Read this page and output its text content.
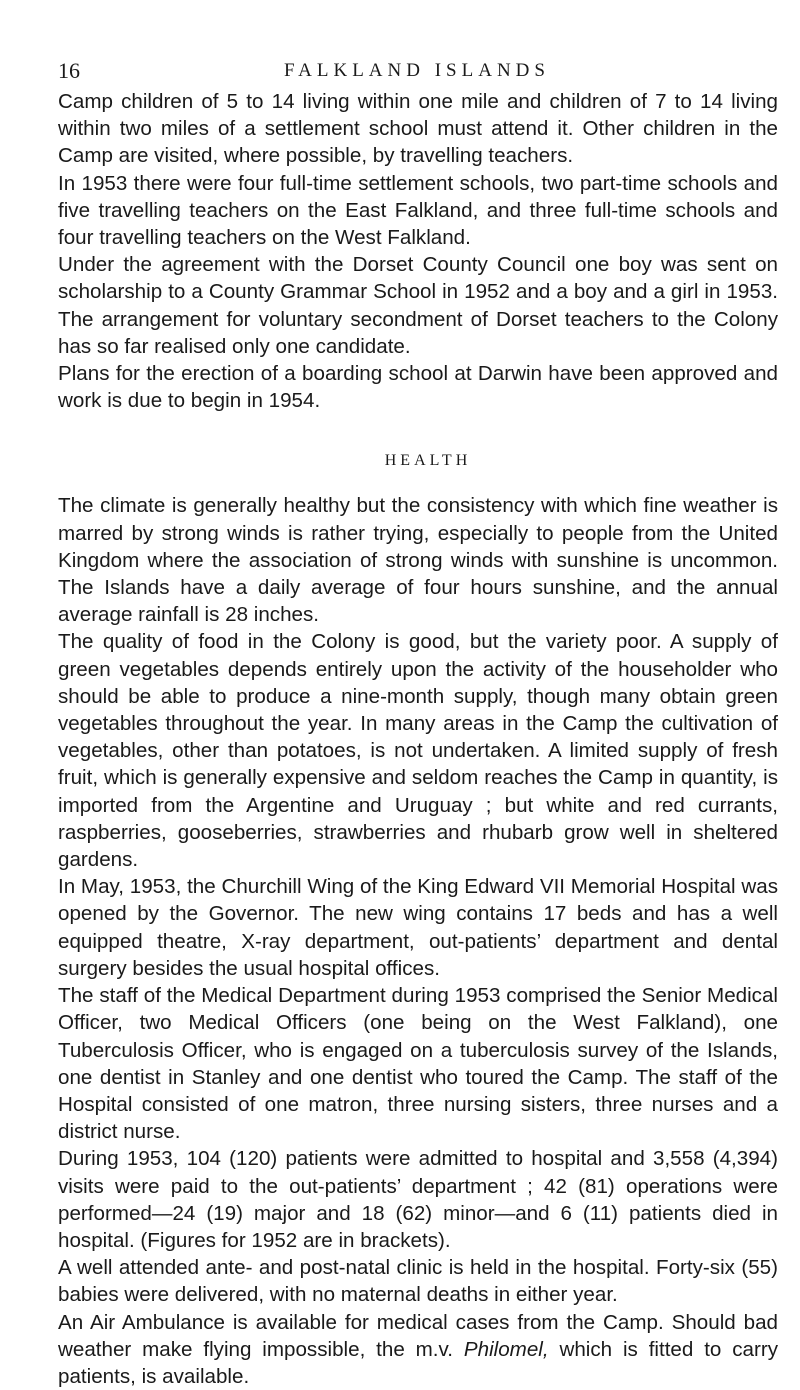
16	FALKLAND ISLANDS

Camp children of 5 to 14 living within one mile and children of 7 to 14 living within two miles of a settlement school must attend it. Other children in the Camp are visited, where possible, by travelling teachers.

In 1953 there were four full-time settlement schools, two part-time schools and five travelling teachers on the East Falkland, and three full-time schools and four travelling teachers on the West Falkland.

Under the agreement with the Dorset County Council one boy was sent on scholarship to a County Grammar School in 1952 and a boy and a girl in 1953. The arrangement for voluntary secondment of Dorset teachers to the Colony has so far realised only one candidate.

Plans for the erection of a boarding school at Darwin have been approved and work is due to begin in 1954.

HEALTH

The climate is generally healthy but the consistency with which fine weather is marred by strong winds is rather trying, especially to people from the United Kingdom where the association of strong winds with sunshine is uncommon. The Islands have a daily average of four hours sunshine, and the annual average rainfall is 28 inches.

The quality of food in the Colony is good, but the variety poor. A supply of green vegetables depends entirely upon the activity of the householder who should be able to produce a nine-month supply, though many obtain green vegetables throughout the year. In many areas in the Camp the cultivation of vegetables, other than potatoes, is not undertaken. A limited supply of fresh fruit, which is generally expensive and seldom reaches the Camp in quantity, is imported from the Argentine and Uruguay ; but white and red currants, raspberries, gooseberries, strawberries and rhubarb grow well in sheltered gardens.

In May, 1953, the Churchill Wing of the King Edward VII Memorial Hospital was opened by the Governor. The new wing contains 17 beds and has a well equipped theatre, X-ray department, out-patients’ department and dental surgery besides the usual hospital offices.

The staff of the Medical Department during 1953 comprised the Senior Medical Officer, two Medical Officers (one being on the West Falkland), one Tuberculosis Officer, who is engaged on a tuberculosis survey of the Islands, one dentist in Stanley and one dentist who toured the Camp. The staff of the Hospital consisted of one matron, three nursing sisters, three nurses and a district nurse.

During 1953, 104 (120) patients were admitted to hospital and 3,558 (4,394) visits were paid to the out-patients’ department ; 42 (81) operations were performed—24 (19) major and 18 (62) minor—and 6 (11) patients died in hospital. (Figures for 1952 are in brackets).

A well attended ante- and post-natal clinic is held in the hospital. Forty-six (55) babies were delivered, with no maternal deaths in either year.

An Air Ambulance is available for medical cases from the Camp. Should bad weather make flying impossible, the m.v. Philomel, which is fitted to carry patients, is available.
